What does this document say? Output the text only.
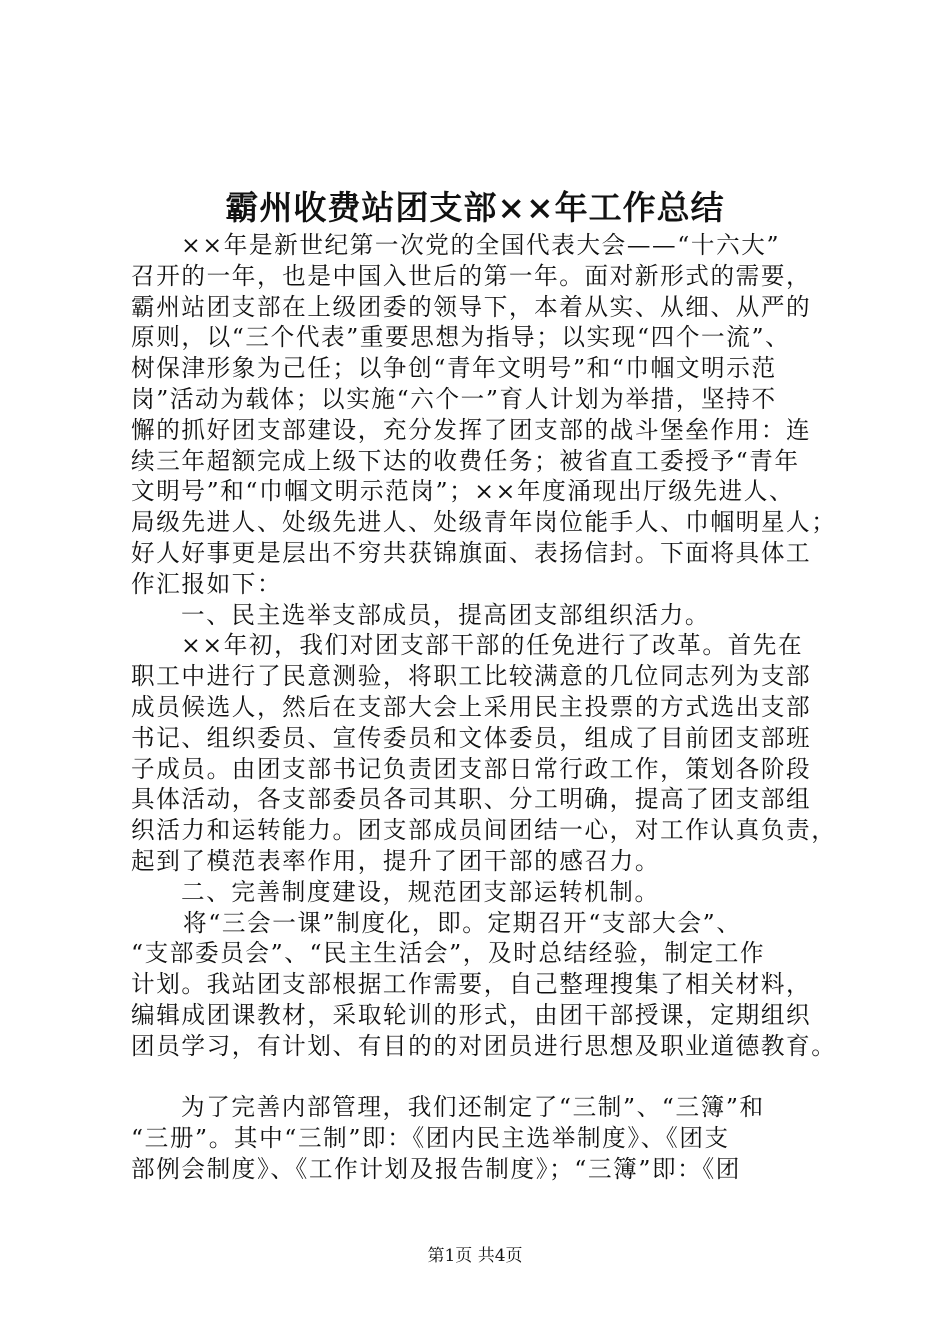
霸州收费站团支部××年工作总结
××年是新世纪第一次党的全国代表大会——“十六大”
召开的一年，也是中国入世后的第一年。面对新形式的需要，
霸州站团支部在上级团委的领导下，本着从实、从细、从严的
原则，以“三个代表”重要思想为指导；以实现“四个一流”、
树保津形象为己任；以争创“青年文明号”和“巾帼文明示范
岗”活动为载体；以实施“六个一”育人计划为举措，坚持不
懈的抓好团支部建设，充分发挥了团支部的战斗堡垒作用：连
续三年超额完成上级下达的收费任务；被省直工委授予“青年
文明号”和“巾帼文明示范岗”；××年度涌现出厅级先进人、
局级先进人、处级先进人、处级青年岗位能手人、巾帼明星人；
好人好事更是层出不穷共获锦旗面、表扬信封。下面将具体工
作汇报如下：
一、民主选举支部成员，提高团支部组织活力。
××年初，我们对团支部干部的任免进行了改革。首先在
职工中进行了民意测验，将职工比较满意的几位同志列为支部
成员候选人，然后在支部大会上采用民主投票的方式选出支部
书记、组织委员、宣传委员和文体委员，组成了目前团支部班
子成员。由团支部书记负责团支部日常行政工作，策划各阶段
具体活动，各支部委员各司其职、分工明确，提高了团支部组
织活力和运转能力。团支部成员间团结一心，对工作认真负责，
起到了模范表率作用，提升了团干部的感召力。
二、完善制度建设，规范团支部运转机制。
将“三会一课”制度化，即。定期召开“支部大会”、
“支部委员会”、“民主生活会”，及时总结经验，制定工作
计划。我站团支部根据工作需要，自己整理搜集了相关材料，
编辑成团课教材，采取轮训的形式，由团干部授课，定期组织
团员学习，有计划、有目的的对团员进行思想及职业道德教育。
为了完善内部管理，我们还制定了“三制”、“三簿”和
“三册”。其中“三制”即：《团内民主选举制度》、《团支
部例会制度》、《工作计划及报告制度》；“三簿”即：《团
第1页 共4页
